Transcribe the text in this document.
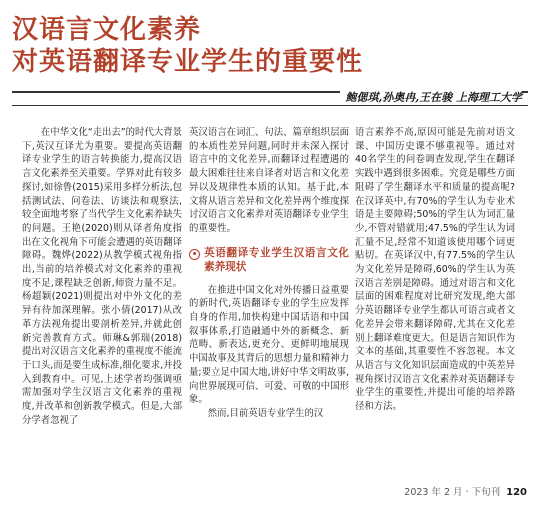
汉语言文化素养
对英语翻译专业学生的重要性
鲍偲琪,孙奥冉,王在骏 上海理工大学

在中华文化“走出去”的时代大背景下,英汉互译尤为重要。要提高英语翻译专业学生的语言转换能力,提高汉语言文化素养至关重要。学界对此有较多探讨,如徐鲁(2015)采用多样分析法,包括测试法、问卷法、访谈法和观察法,较全面地考察了当代学生文化素养缺失的问题。王艳(2020)则从译者角度指出在文化视角下可能会遭遇的英语翻译障碍。魏烨(2022)从教学模式视角指出,当前的培养模式对文化素养的重视度不足,课程缺乏创新,师资力量不足。杨超颖(2021)则提出对中外文化的差异有待加深理解。张小倩(2017)从改革方法视角提出要剖析差异,并就此创新完善教育方式。师琳&郭瑞(2018)提出对汉语言文化素养的重视度不能流于口头,而是要生成标准,细化要求,并投入到教育中。可见,上述学者均强调亟需加强对学生汉语言文化素养的重视度,并改革和创新教学模式。但是,大部分学者忽视了

英汉语言在词汇、句法、篇章组织层面的本质性差异问题,同时并未深入探讨语言中的文化差异,而翻译过程遭遇的最大困难往往来自译者对语言和文化差异以及规律性本质的认知。基于此,本文将从语言差异和文化差异两个维度探讨汉语言文化素养对英语翻译专业学生的重要性。

英语翻译专业学生汉语言文化素养现状

在推进中国文化对外传播日益重要的新时代,英语翻译专业的学生应发挥自身的作用,加快构建中国话语和中国叙事体系,打造融通中外的新概念、新范畴、新表达,更充分、更鲜明地展现中国故事及其背后的思想力量和精神力量;要立足中国大地,讲好中华文明故事,向世界展现可信、可爱、可敬的中国形象。

然而,目前英语专业学生的汉

语言素养不高,原因可能是先前对语文课、中国历史课不够重视等。通过对40名学生的问卷调查发现,学生在翻译实践中遇到很多困难。究竟是哪些方面阻碍了学生翻译水平和质量的提高呢?在汉译英中,有70%的学生认为专业术语是主要障碍;50%的学生认为词汇量少,不管对错就用;47.5%的学生认为词汇量不足,经常不知道该使用哪个词更贴切。在英译汉中,有77.5%的学生认为文化差异是障碍,60%的学生认为英汉语言差别是障碍。通过对语言和文化层面的困难程度对比研究发现,绝大部分英语翻译专业学生都认可语言或者文化差异会带来翻译障碍,尤其在文化差别上翻译难度更大。但是语言知识作为文本的基础,其重要性不容忽视。本文从语言与文化知识层面造成的中英差异视角探讨汉语言文化素养对英语翻译专业学生的重要性,并提出可能的培养路径和方法。

2023 年 2 月 · 下旬刊 120
